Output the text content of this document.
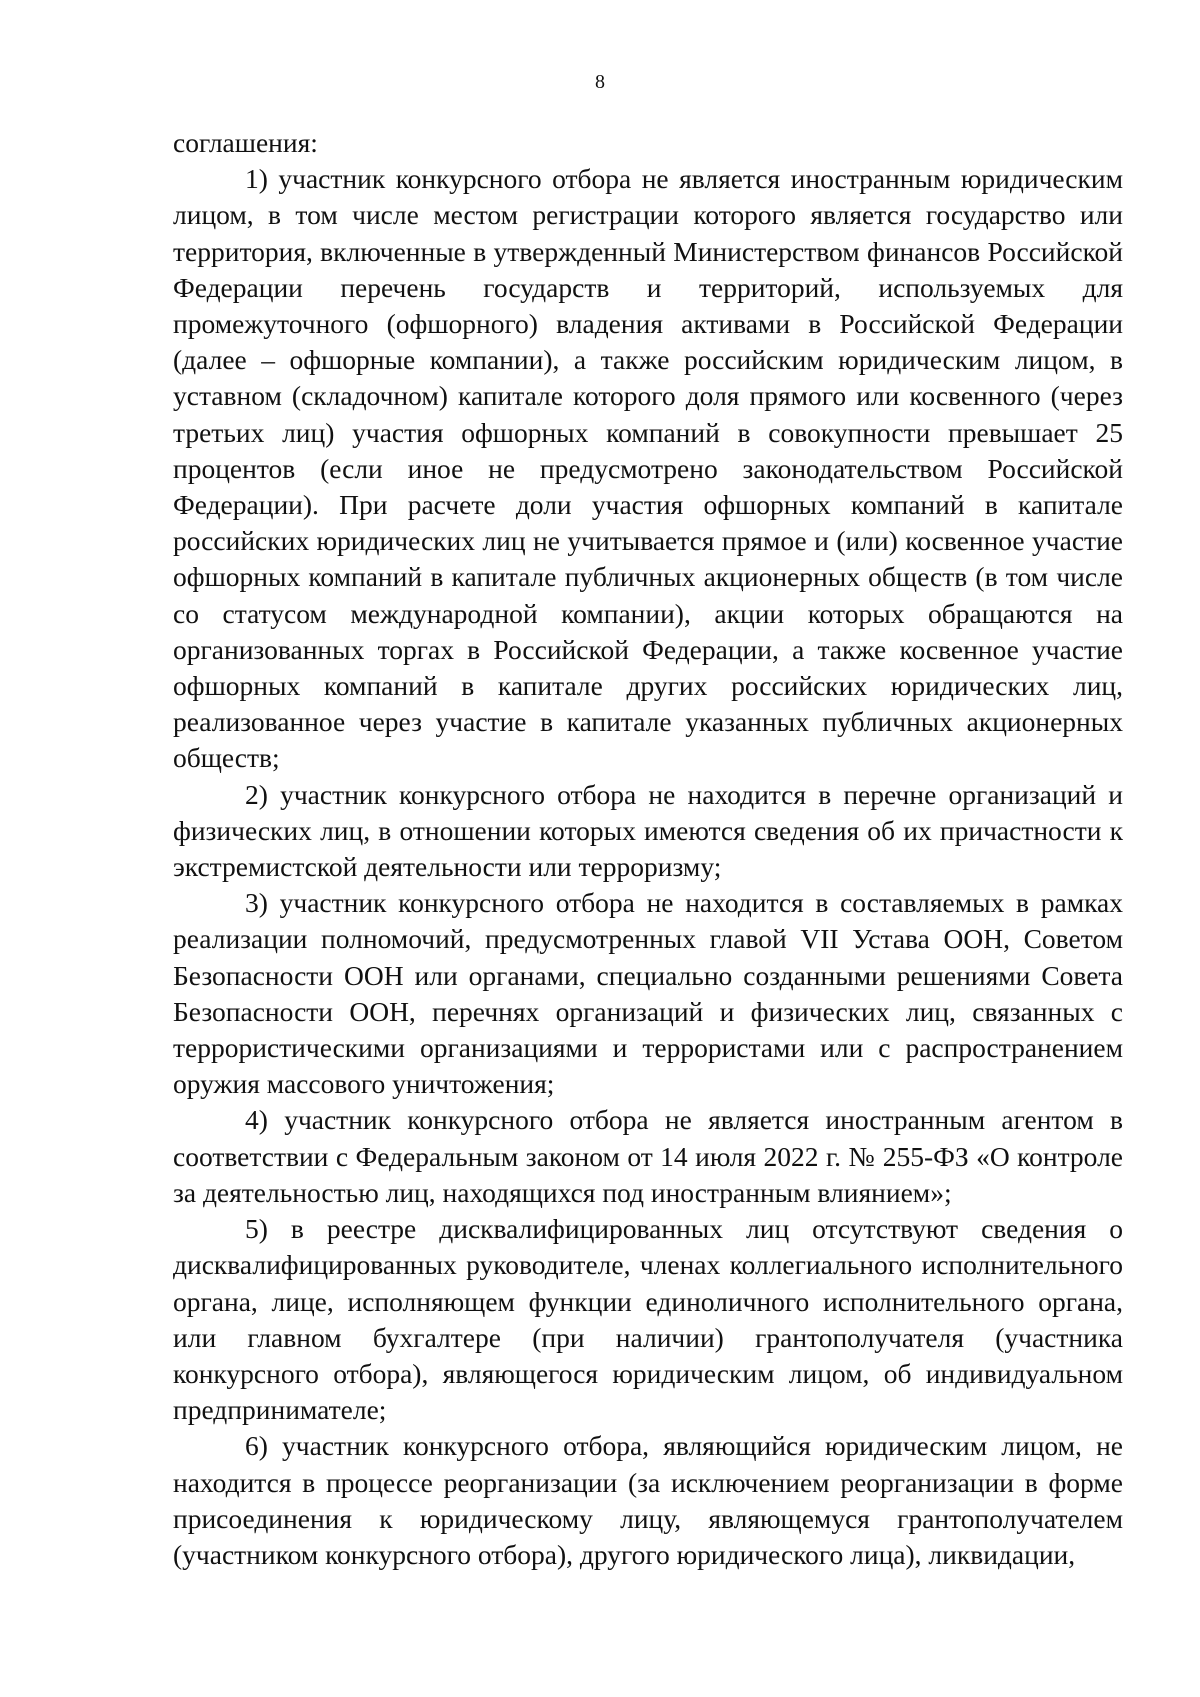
8

соглашения:

1) участник конкурсного отбора не является иностранным юридическим лицом, в том числе местом регистрации которого является государство или территория, включенные в утвержденный Министерством финансов Российской Федерации перечень государств и территорий, используемых для промежуточного (офшорного) владения активами в Российской Федерации (далее – офшорные компании), а также российским юридическим лицом, в уставном (складочном) капитале которого доля прямого или косвенного (через третьих лиц) участия офшорных компаний в совокупности превышает 25 процентов (если иное не предусмотрено законодательством Российской Федерации). При расчете доли участия офшорных компаний в капитале российских юридических лиц не учитывается прямое и (или) косвенное участие офшорных компаний в капитале публичных акционерных обществ (в том числе со статусом международной компании), акции которых обращаются на организованных торгах в Российской Федерации, а также косвенное участие офшорных компаний в капитале других российских юридических лиц, реализованное через участие в капитале указанных публичных акционерных обществ;

2) участник конкурсного отбора не находится в перечне организаций и физических лиц, в отношении которых имеются сведения об их причастности к экстремистской деятельности или терроризму;

3) участник конкурсного отбора не находится в составляемых в рамках реализации полномочий, предусмотренных главой VII Устава ООН, Советом Безопасности ООН или органами, специально созданными решениями Совета Безопасности ООН, перечнях организаций и физических лиц, связанных с террористическими организациями и террористами или с распространением оружия массового уничтожения;

4) участник конкурсного отбора не является иностранным агентом в соответствии с Федеральным законом от 14 июля 2022 г. № 255-ФЗ «О контроле за деятельностью лиц, находящихся под иностранным влиянием»;

5) в реестре дисквалифицированных лиц отсутствуют сведения о дисквалифицированных руководителе, членах коллегиального исполнительного органа, лице, исполняющем функции единоличного исполнительного органа, или главном бухгалтере (при наличии) грантополучателя (участника конкурсного отбора), являющегося юридическим лицом, об индивидуальном предпринимателе;

6) участник конкурсного отбора, являющийся юридическим лицом, не находится в процессе реорганизации (за исключением реорганизации в форме присоединения к юридическому лицу, являющемуся грантополучателем (участником конкурсного отбора), другого юридического лица), ликвидации,
